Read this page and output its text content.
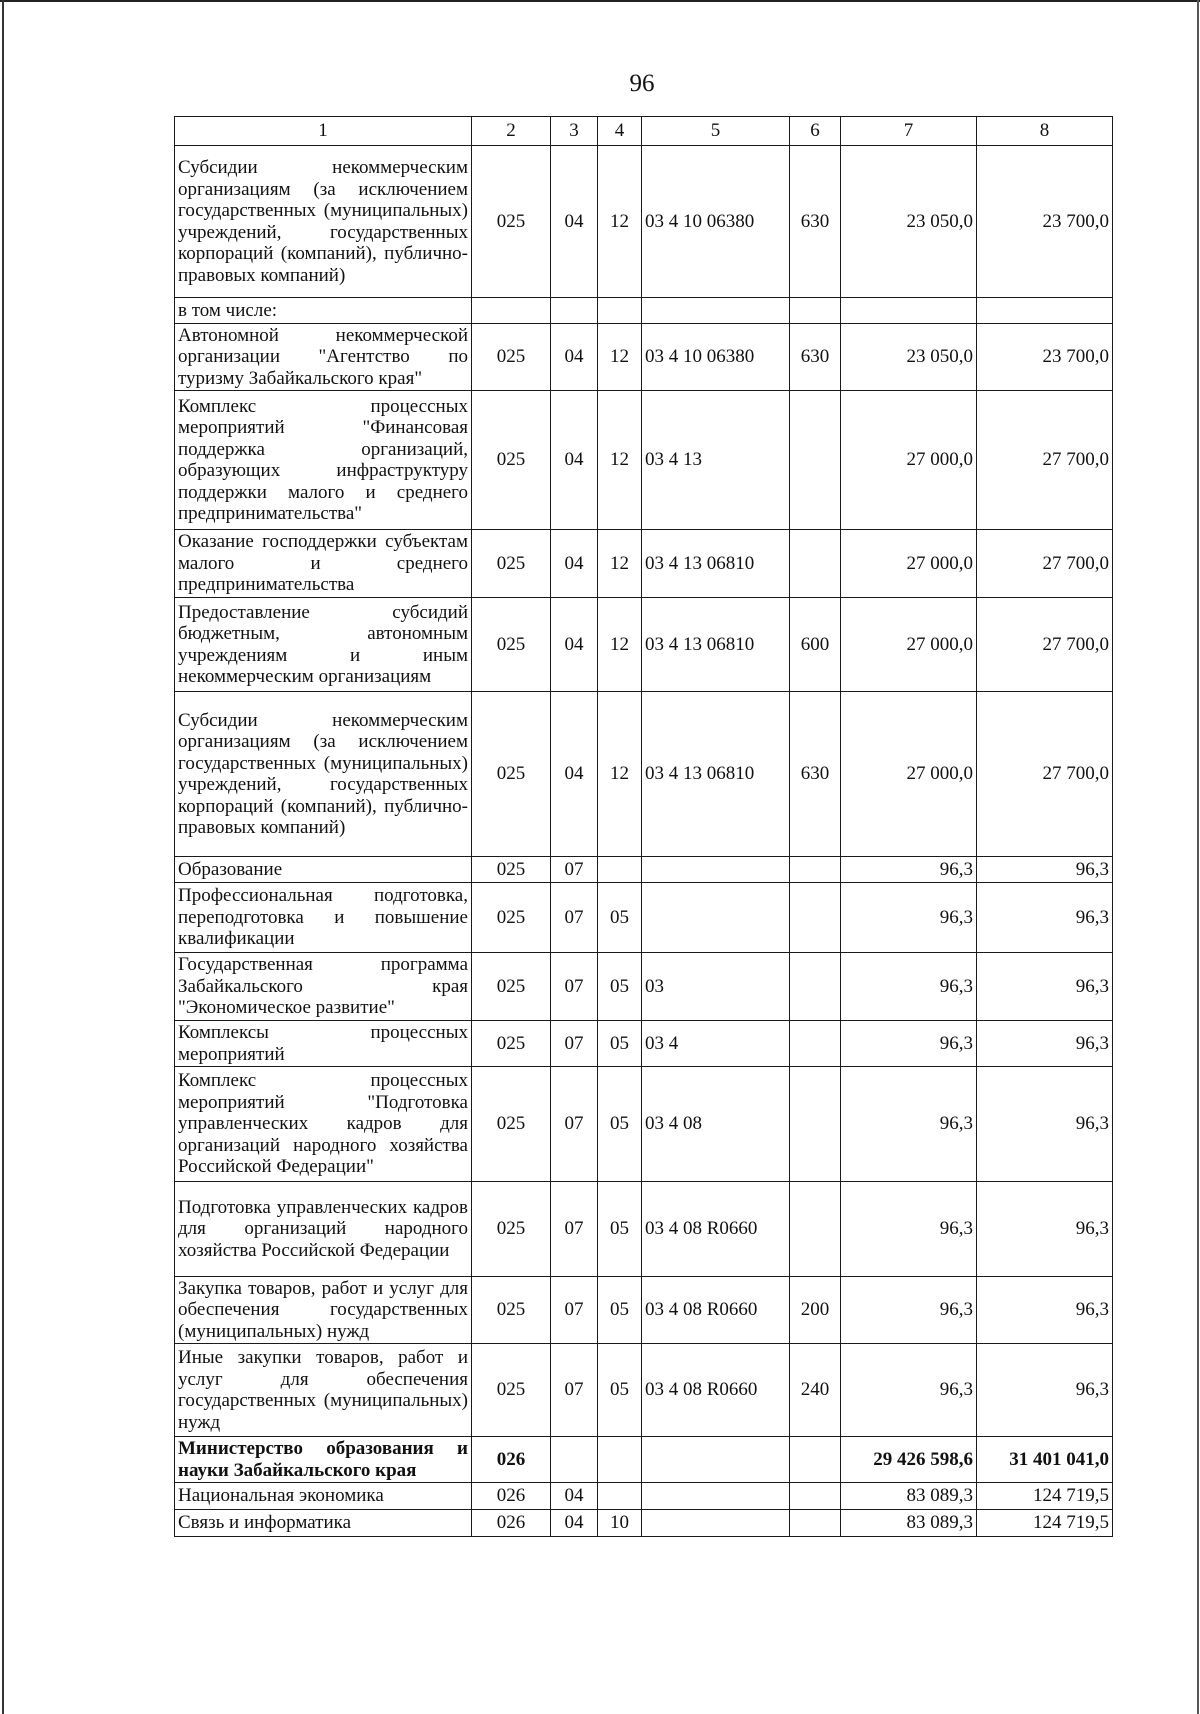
96
1	2	3	4	5	6	7	8
Субсидии некоммерческим организациям (за исключением государственных (муниципальных) учреждений, государственных корпораций (компаний), публично-правовых компаний)	025	04	12	03 4 10 06380	630	23 050,0	23 700,0
в том числе:							
Автономной некоммерческой организации "Агентство по туризму Забайкальского края"	025	04	12	03 4 10 06380	630	23 050,0	23 700,0
Комплекс процессных мероприятий "Финансовая поддержка организаций, образующих инфраструктуру поддержки малого и среднего предпринимательства"	025	04	12	03 4 13		27 000,0	27 700,0
Оказание господдержки субъектам малого и среднего предпринимательства	025	04	12	03 4 13 06810		27 000,0	27 700,0
Предоставление субсидий бюджетным, автономным учреждениям и иным некоммерческим организациям	025	04	12	03 4 13 06810	600	27 000,0	27 700,0
Субсидии некоммерческим организациям (за исключением государственных (муниципальных) учреждений, государственных корпораций (компаний), публично-правовых компаний)	025	04	12	03 4 13 06810	630	27 000,0	27 700,0
Образование	025	07				96,3	96,3
Профессиональная подготовка, переподготовка и повышение квалификации	025	07	05			96,3	96,3
Государственная программа Забайкальского края "Экономическое развитие"	025	07	05	03		96,3	96,3
Комплексы процессных мероприятий	025	07	05	03 4		96,3	96,3
Комплекс процессных мероприятий "Подготовка управленческих кадров для организаций народного хозяйства Российской Федерации"	025	07	05	03 4 08		96,3	96,3
Подготовка управленческих кадров для организаций народного хозяйства Российской Федерации	025	07	05	03 4 08 R0660		96,3	96,3
Закупка товаров, работ и услуг для обеспечения государственных (муниципальных) нужд	025	07	05	03 4 08 R0660	200	96,3	96,3
Иные закупки товаров, работ и услуг для обеспечения государственных (муниципальных) нужд	025	07	05	03 4 08 R0660	240	96,3	96,3
Министерство образования и науки Забайкальского края	026					29 426 598,6	31 401 041,0
Национальная экономика	026	04				83 089,3	124 719,5
Связь и информатика	026	04	10			83 089,3	124 719,5
